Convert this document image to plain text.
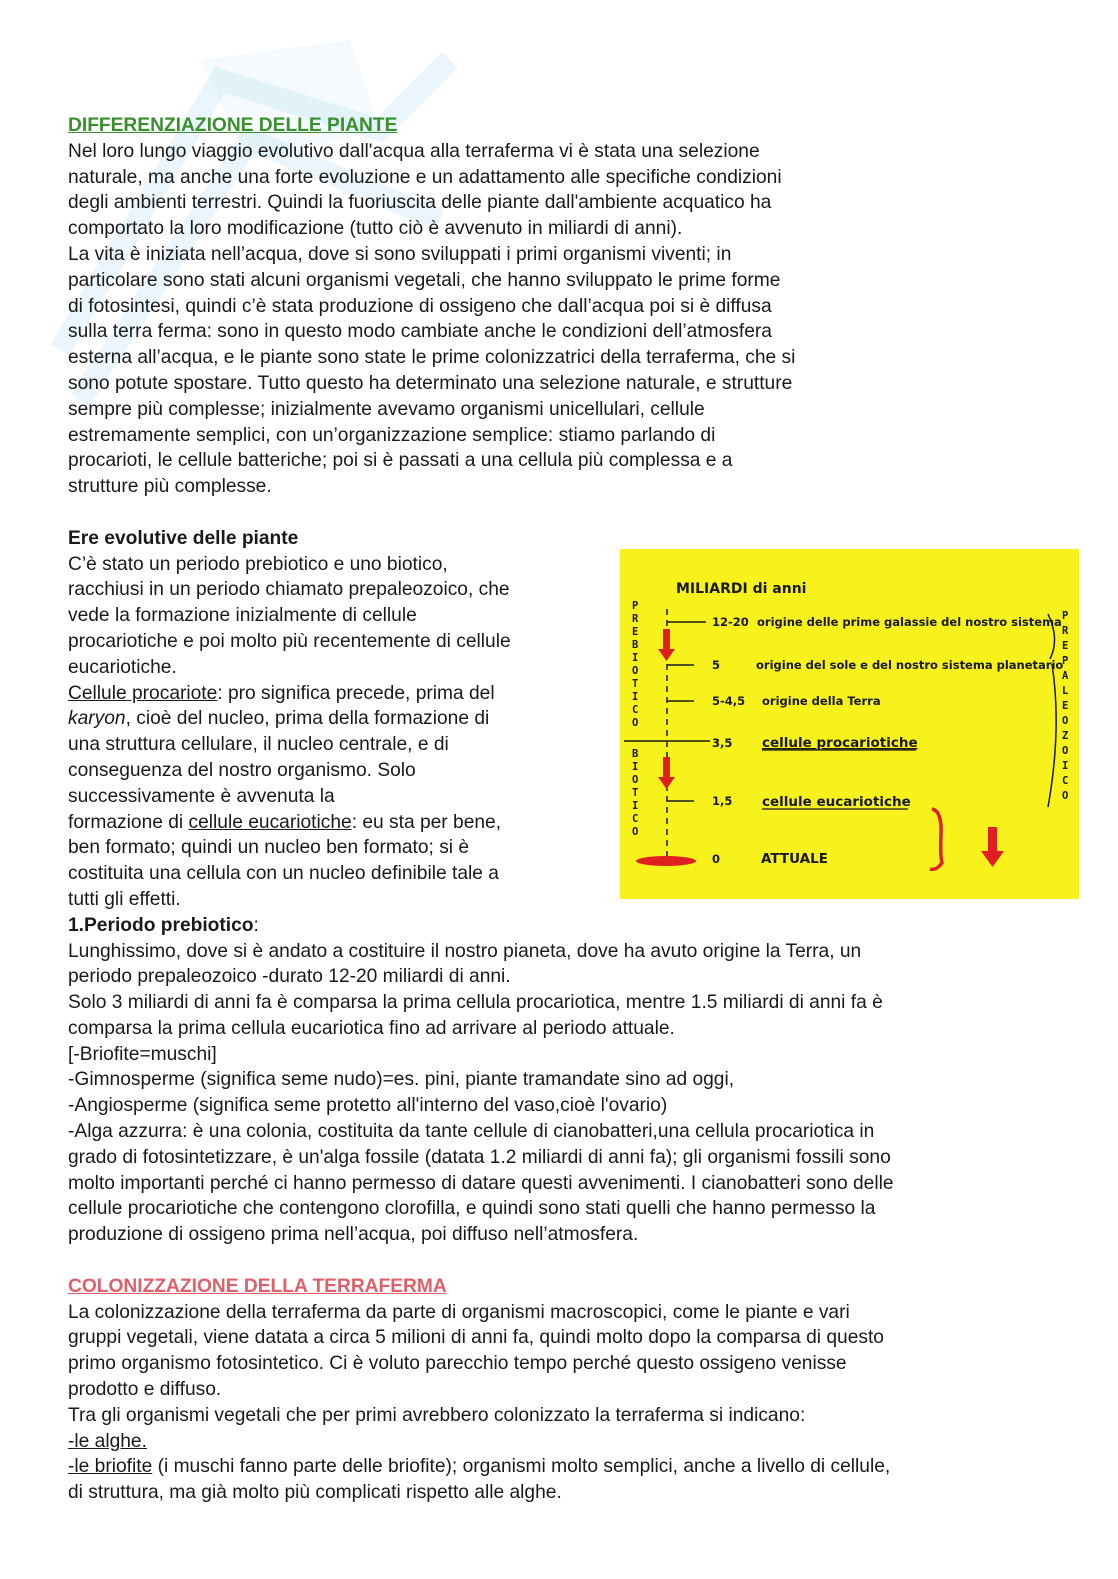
DIFFERENZIAZIONE DELLE PIANTE

Nel loro lungo viaggio evolutivo dall'acqua alla terraferma vi è stata una selezione

naturale, ma anche una forte evoluzione e un adattamento alle specifiche condizioni

degli ambienti terrestri. Quindi la fuoriuscita delle piante dall'ambiente acquatico ha

comportato la loro modificazione (tutto ciò è avvenuto in miliardi di anni).

La vita è iniziata nell’acqua, dove si sono sviluppati i primi organismi viventi; in

particolare sono stati alcuni organismi vegetali, che hanno sviluppato le prime forme

di fotosintesi, quindi c’è stata produzione di ossigeno che dall’acqua poi si è diffusa

sulla terra ferma: sono in questo modo cambiate anche le condizioni dell’atmosfera

esterna all’acqua, e le piante sono state le prime colonizzatrici della terraferma, che si

sono potute spostare. Tutto questo ha determinato una selezione naturale, e strutture

sempre più complesse; inizialmente avevamo organismi unicellulari, cellule

estremamente semplici, con un’organizzazione semplice: stiamo parlando di

procarioti, le cellule batteriche; poi si è passati a una cellula più complessa e a

strutture più complesse.

Ere evolutive delle piante

C’è stato un periodo prebiotico e uno biotico,

racchiusi in un periodo chiamato prepaleozoico, che

vede la formazione inizialmente di cellule

procariotiche e poi molto più recentemente di cellule

eucariotiche.

Cellule procariote: pro significa precede, prima del

karyon, cioè del nucleo, prima della formazione di

una struttura cellulare, il nucleo centrale, e di

conseguenza del nostro organismo. Solo

successivamente è avvenuta la

formazione di cellule eucariotiche: eu sta per bene,

ben formato; quindi un nucleo ben formato; si è

costituita una cellula con un nucleo definibile tale a

tutti gli effetti.

MILIARDI di anni
P
R
E
B
I
O
T
I
C
O
B
I
O
T
I
C
O
P
R
E
P
A
L
E
O
Z
O
I
C
O
12-20 origine delle prime galassie del nostro sistema
5	origine del sole e del nostro sistema planetario
5-4,5 origine della Terra
3,5 cellule procariotiche
1,5 cellule eucariotiche
0	ATTUALE

1.Periodo prebiotico:

Lunghissimo, dove si è andato a costituire il nostro pianeta, dove ha avuto origine la Terra, un

periodo prepaleozoico -durato 12-20 miliardi di anni.

Solo 3 miliardi di anni fa è comparsa la prima cellula procariotica, mentre 1.5 miliardi di anni fa è

comparsa la prima cellula eucariotica fino ad arrivare al periodo attuale.

[-Briofite=muschi]

-Gimnosperme (significa seme nudo)=es. pini, piante tramandate sino ad oggi,

-Angiosperme (significa seme protetto all'interno del vaso,cioè l'ovario)

-Alga azzurra: è una colonia, costituita da tante cellule di cianobatteri,una cellula procariotica in

grado di fotosintetizzare, è un'alga fossile (datata 1.2 miliardi di anni fa); gli organismi fossili sono

molto importanti perché ci hanno permesso di datare questi avvenimenti. I cianobatteri sono delle

cellule procariotiche che contengono clorofilla, e quindi sono stati quelli che hanno permesso la

produzione di ossigeno prima nell’acqua, poi diffuso nell’atmosfera.

COLONIZZAZIONE DELLA TERRAFERMA

La colonizzazione della terraferma da parte di organismi macroscopici, come le piante e vari

gruppi vegetali, viene datata a circa 5 milioni di anni fa, quindi molto dopo la comparsa di questo

primo organismo fotosintetico. Ci è voluto parecchio tempo perché questo ossigeno venisse

prodotto e diffuso.

Tra gli organismi vegetali che per primi avrebbero colonizzato la terraferma si indicano:

-le alghe.

-le briofite (i muschi fanno parte delle briofite); organismi molto semplici, anche a livello di cellule,

di struttura, ma già molto più complicati rispetto alle alghe.
